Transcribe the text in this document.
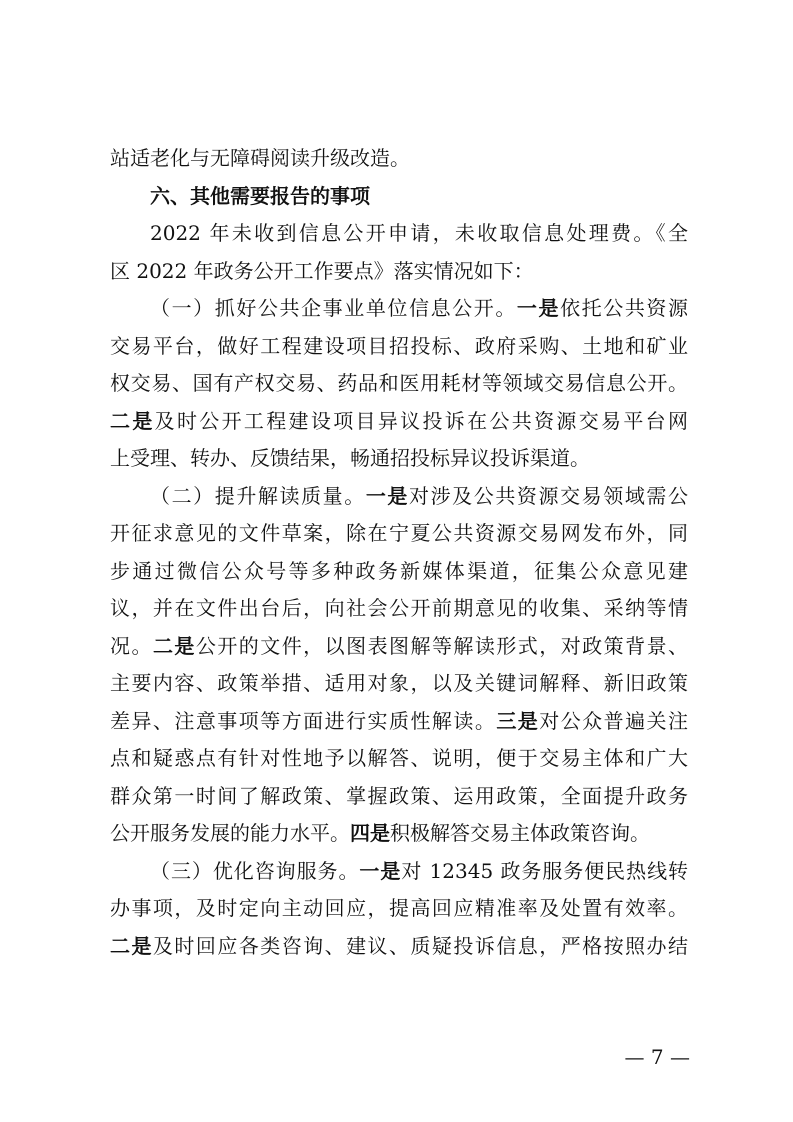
站适老化与无障碍阅读升级改造。
六、其他需要报告的事项
2022 年未收到信息公开申请，未收取信息处理费。《全
区 2022 年政务公开工作要点》落实情况如下：
（一）抓好公共企事业单位信息公开。一是依托公共资源
交易平台，做好工程建设项目招投标、政府采购、土地和矿业
权交易、国有产权交易、药品和医用耗材等领域交易信息公开。
二是及时公开工程建设项目异议投诉在公共资源交易平台网
上受理、转办、反馈结果，畅通招投标异议投诉渠道。
（二）提升解读质量。一是对涉及公共资源交易领域需公
开征求意见的文件草案，除在宁夏公共资源交易网发布外，同
步通过微信公众号等多种政务新媒体渠道，征集公众意见建
议，并在文件出台后，向社会公开前期意见的收集、采纳等情
况。二是公开的文件，以图表图解等解读形式，对政策背景、
主要内容、政策举措、适用对象，以及关键词解释、新旧政策
差异、注意事项等方面进行实质性解读。三是对公众普遍关注
点和疑惑点有针对性地予以解答、说明，便于交易主体和广大
群众第一时间了解政策、掌握政策、运用政策，全面提升政务
公开服务发展的能力水平。四是积极解答交易主体政策咨询。
（三）优化咨询服务。一是对 12345 政务服务便民热线转
办事项，及时定向主动回应，提高回应精准率及处置有效率。
二是及时回应各类咨询、建议、质疑投诉信息，严格按照办结
— 7 —
